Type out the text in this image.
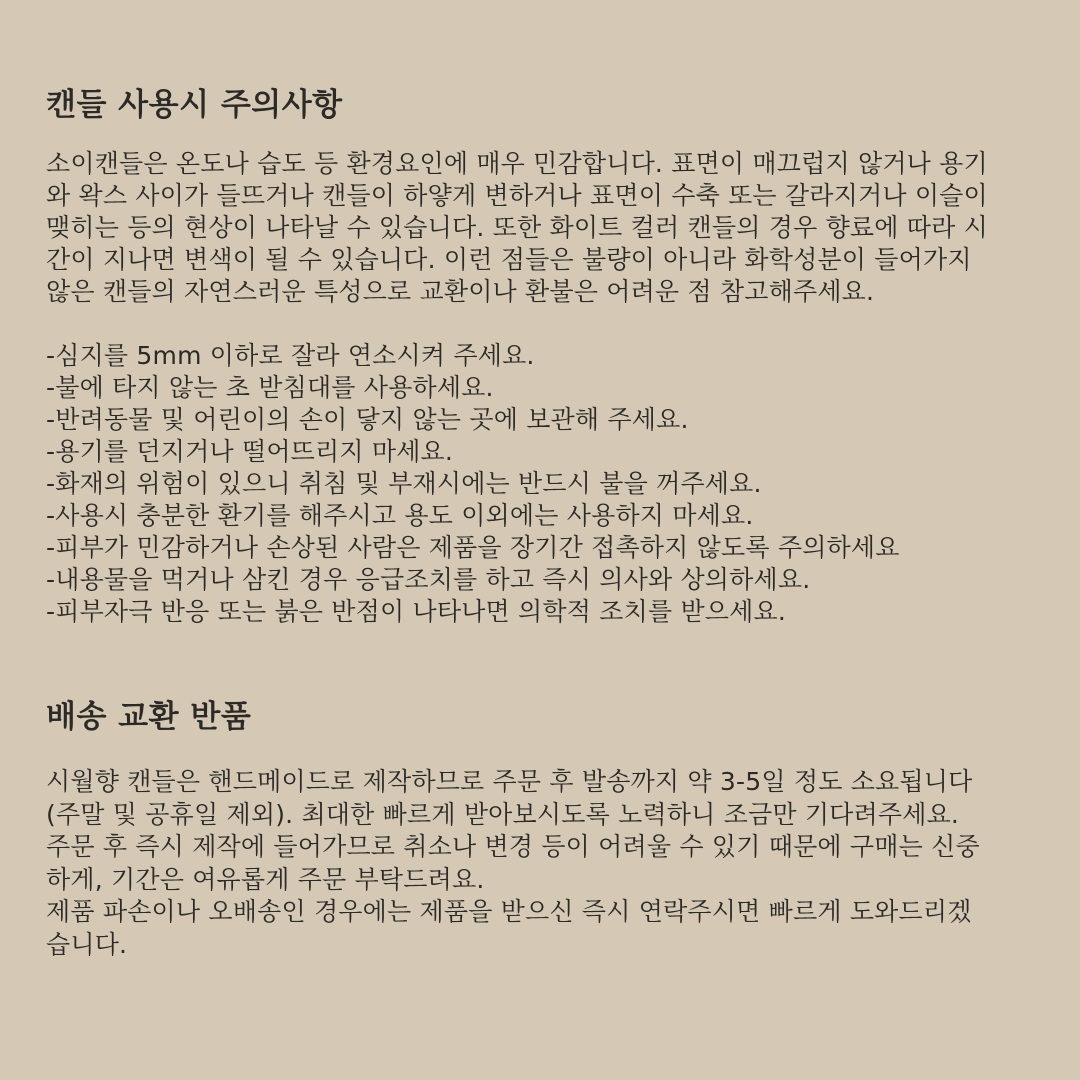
캔들 사용시 주의사항

소이캔들은 온도나 습도 등 환경요인에 매우 민감합니다. 표면이 매끄럽지 않거나 용기
와 왁스 사이가 들뜨거나 캔들이 하얗게 변하거나 표면이 수축 또는 갈라지거나 이슬이
맺히는 등의 현상이 나타날 수 있습니다. 또한 화이트 컬러 캔들의 경우 향료에 따라 시
간이 지나면 변색이 될 수 있습니다. 이런 점들은 불량이 아니라 화학성분이 들어가지
않은 캔들의 자연스러운 특성으로 교환이나 환불은 어려운 점 참고해주세요.

-심지를 5mm 이하로 잘라 연소시켜 주세요.
-불에 타지 않는 초 받침대를 사용하세요.
-반려동물 및 어린이의 손이 닿지 않는 곳에 보관해 주세요.
-용기를 던지거나 떨어뜨리지 마세요.
-화재의 위험이 있으니 취침 및 부재시에는 반드시 불을 꺼주세요.
-사용시 충분한 환기를 해주시고 용도 이외에는 사용하지 마세요.
-피부가 민감하거나 손상된 사람은 제품을 장기간 접촉하지 않도록 주의하세요
-내용물을 먹거나 삼킨 경우 응급조치를 하고 즉시 의사와 상의하세요.
-피부자극 반응 또는 붉은 반점이 나타나면 의학적 조치를 받으세요.
배송 교환 반품

시월향 캔들은 핸드메이드로 제작하므로 주문 후 발송까지 약 3-5일 정도 소요됩니다
(주말 및 공휴일 제외). 최대한 빠르게 받아보시도록 노력하니 조금만 기다려주세요.
주문 후 즉시 제작에 들어가므로 취소나 변경 등이 어려울 수 있기 때문에 구매는 신중
하게, 기간은 여유롭게 주문 부탁드려요.
제품 파손이나 오배송인 경우에는 제품을 받으신 즉시 연락주시면 빠르게 도와드리겠
습니다.
